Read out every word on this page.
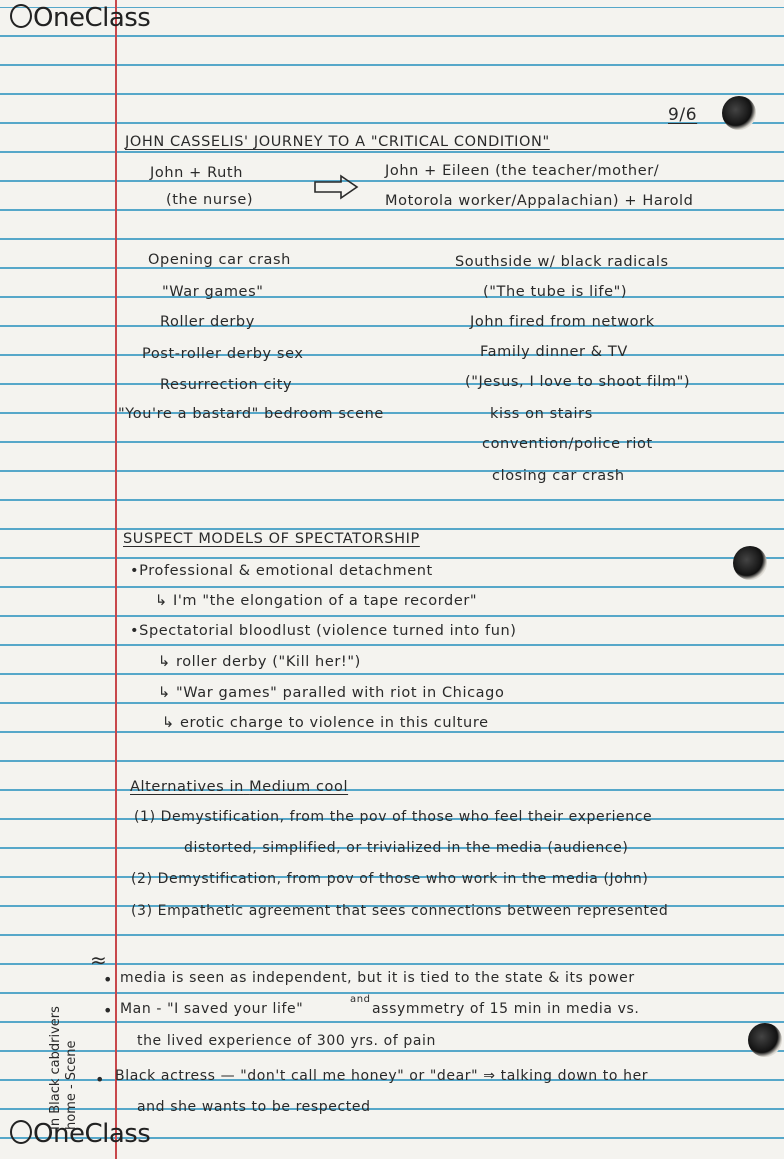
OneClass
OneClass
9/6
JOHN CASSELIS' JOURNEY TO A "CRITICAL CONDITION"
John + Ruth
(the nurse)
John + Eileen (the teacher/mother/
Motorola worker/Appalachian) + Harold
Opening car crash
"War games"
Roller derby
Post-roller derby sex
Resurrection city
"You're a bastard" bedroom scene
Southside w/ black radicals
("The tube is life")
John fired from network
Family dinner & TV
("Jesus, I love to shoot film")
kiss on stairs
convention/police riot
closing car crash
SUSPECT MODELS OF SPECTATORSHIP
•Professional & emotional detachment
↳ I'm "the elongation of a tape recorder"
•Spectatorial bloodlust (violence turned into fun)
↳ roller derby ("Kill her!")
↳ "War games" paralled with riot in Chicago
↳ erotic charge to violence in this culture
Alternatives in Medium cool
(1) Demystification, from the pov of those who feel their experience
distorted, simplified, or trivialized in the media (audience)
(2) Demystification, from pov of those who work in the media (John)
(3) Empathetic agreement that sees connections between represented
≈
•
•
•
media is seen as independent, but it is tied to the state & its power
Man - "I saved your life"
and
assymmetry of 15 min in media vs.
the lived experience of 300 yrs. of pain
Black actress — "don't call me honey" or "dear" ⇒ talking down to her
and she wants to be respected
In Black cabdrivers home - Scene
